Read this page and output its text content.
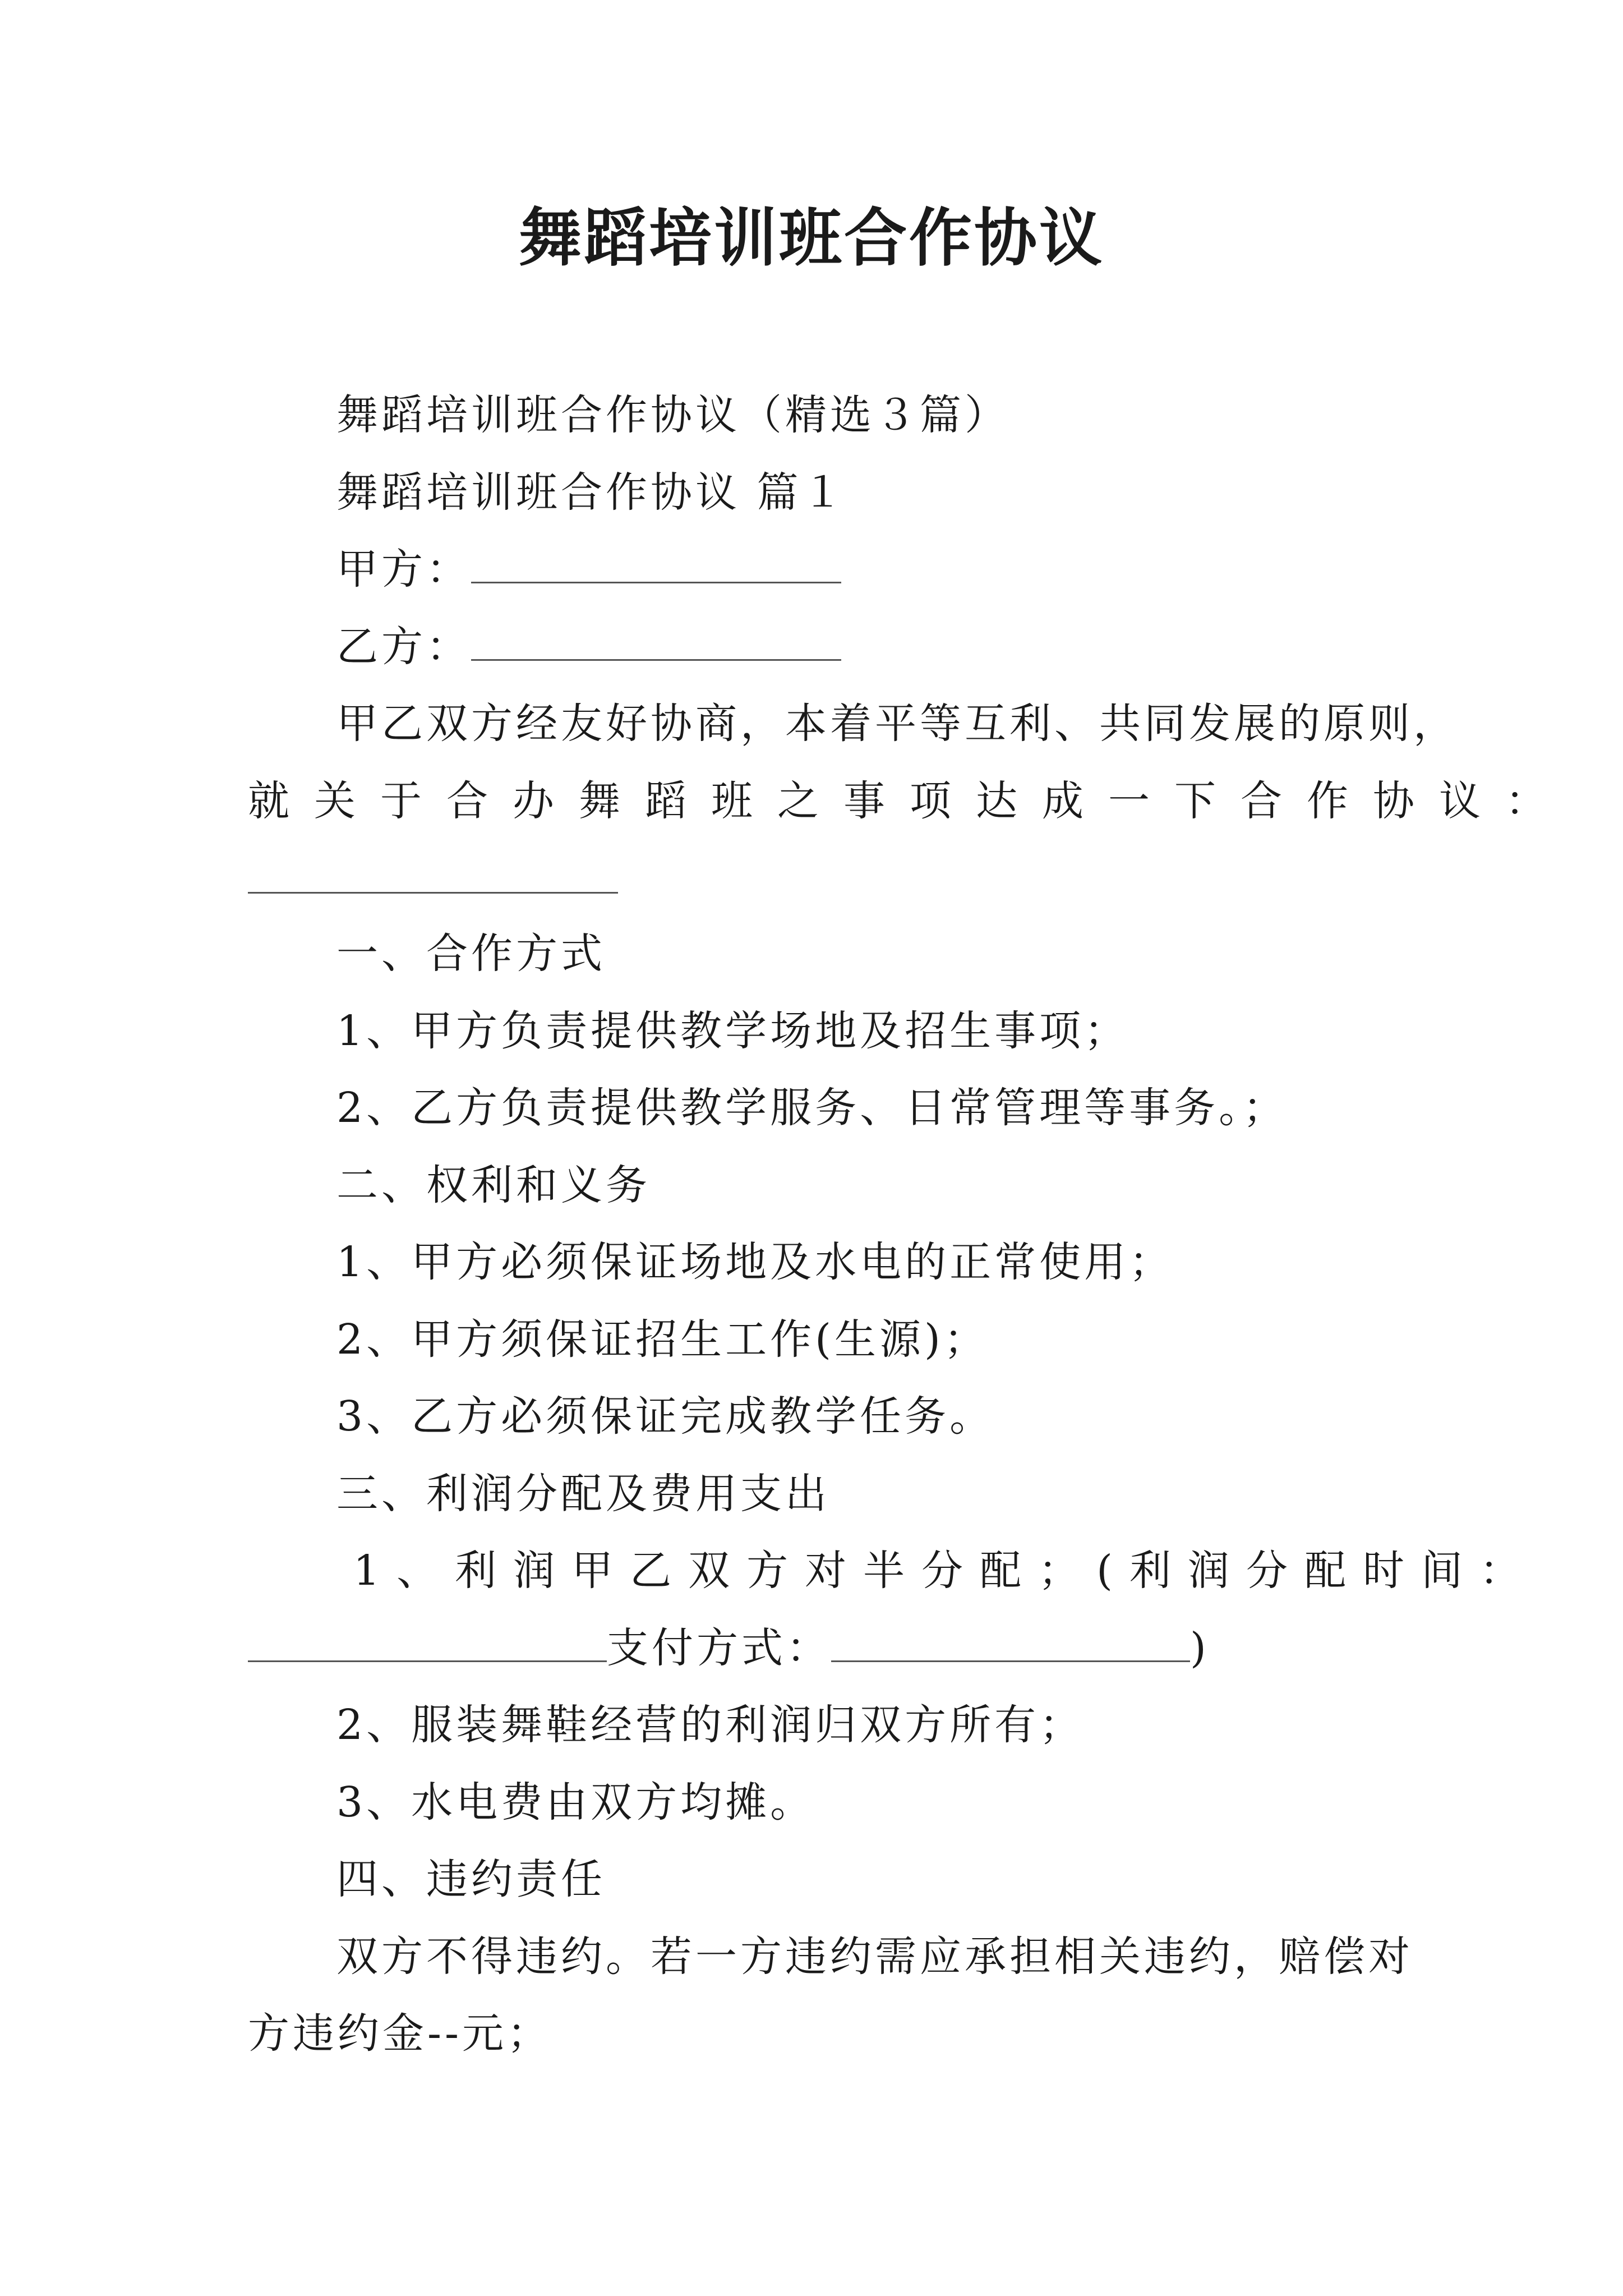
舞蹈培训班合作协议
舞蹈培训班合作协议（精选３篇）
舞蹈培训班合作协议 篇１
甲方：
乙方：
甲乙双方经友好协商，本着平等互利、共同发展的原则，
就关于合办舞蹈班之事项达成一下合作协议：
一、合作方式
1、甲方负责提供教学场地及招生事项；
2、乙方负责提供教学服务、日常管理等事务。；
二、权利和义务
1、甲方必须保证场地及水电的正常使用；
2、甲方须保证招生工作(生源)；
3、乙方必须保证完成教学任务。
三、利润分配及费用支出
1、利润甲乙双方对半分配；(利润分配时间：
支付方式：	)
2、服装舞鞋经营的利润归双方所有；
3、水电费由双方均摊。
四、违约责任
双方不得违约。若一方违约需应承担相关违约，赔偿对
方违约金--元；
